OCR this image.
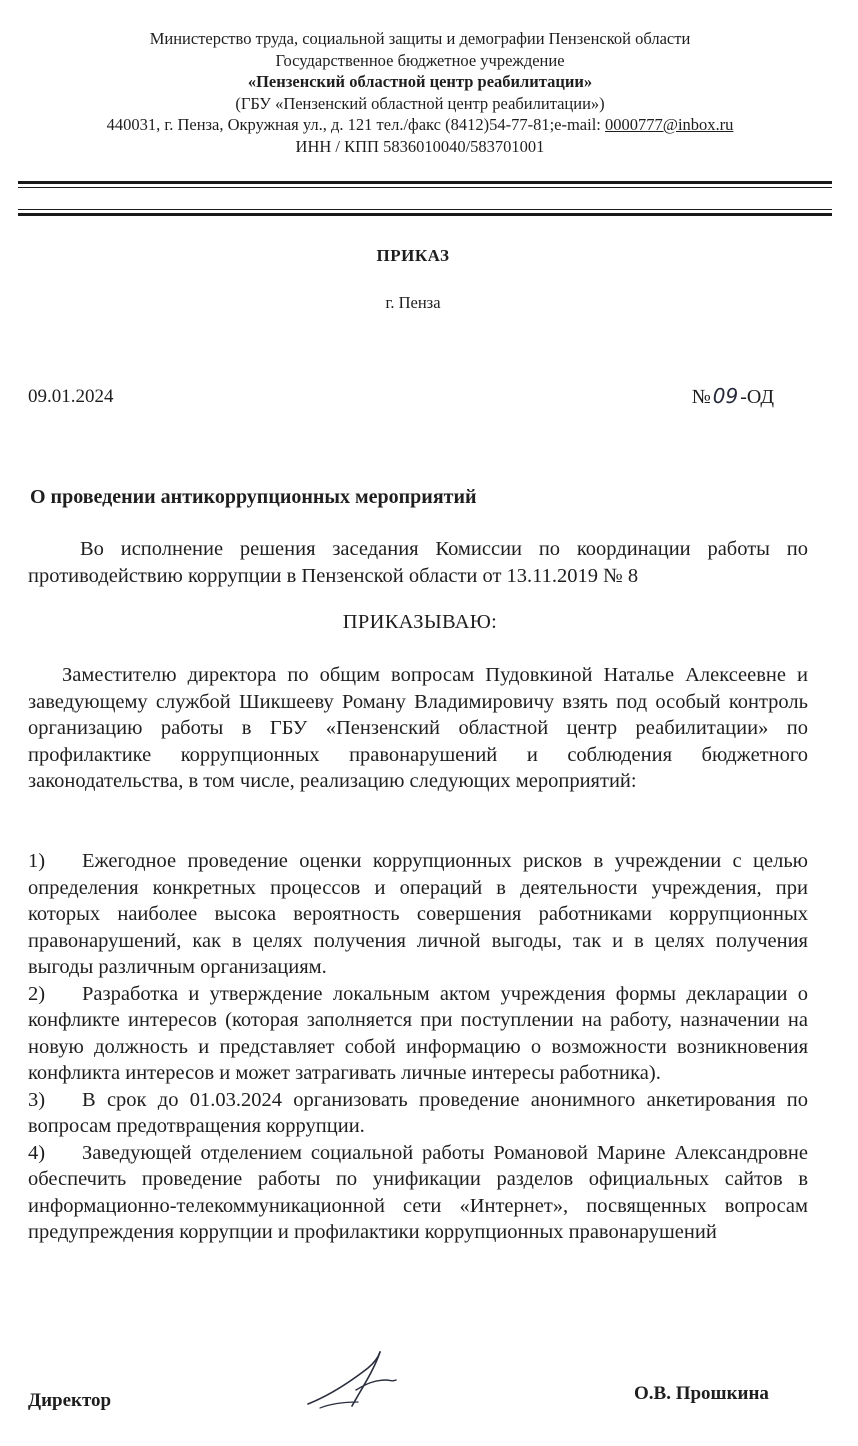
Министерство труда, социальной защиты и демографии Пензенской области
Государственное бюджетное учреждение
«Пензенский областной центр реабилитации»
(ГБУ «Пензенский областной центр реабилитации»)
440031, г. Пенза, Окружная ул., д. 121 тел./факс (8412)54-77-81;e-mail: 0000777@inbox.ru
ИНН / КПП 5836010040/583701001
ПРИКАЗ
г. Пенза
09.01.2024	№ 09 -ОД
О проведении антикоррупционных мероприятий
Во исполнение решения заседания Комиссии по координации работы по противодействию коррупции в Пензенской области от 13.11.2019 № 8
ПРИКАЗЫВАЮ:
Заместителю директора по общим вопросам Пудовкиной Наталье Алексеевне и заведующему службой Шикшееву Роману Владимировичу взять под особый контроль организацию работы в ГБУ «Пензенский областной центр реабилитации» по профилактике коррупционных правонарушений и соблюдения бюджетного законодательства, в том числе, реализацию следующих мероприятий:

1) Ежегодное проведение оценки коррупционных рисков в учреждении с целью определения конкретных процессов и операций в деятельности учреждения, при которых наиболее высока вероятность совершения работниками коррупционных правонарушений, как в целях получения личной выгоды, так и в целях получения выгоды различным организациям.

2) Разработка и утверждение локальным актом учреждения формы декларации о конфликте интересов (которая заполняется при поступлении на работу, назначении на новую должность и представляет собой информацию о возможности возникновения конфликта интересов и может затрагивать личные интересы работника).

3) В срок до 01.03.2024 организовать проведение анонимного анкетирования по вопросам предотвращения коррупции.

4) Заведующей отделением социальной работы Романовой Марине Александровне обеспечить проведение работы по унификации разделов официальных сайтов в информационно-телекоммуникационной сети «Интернет», посвященных вопросам предупреждения коррупции и профилактики коррупционных правонарушений

Директор	О.В. Прошкина
